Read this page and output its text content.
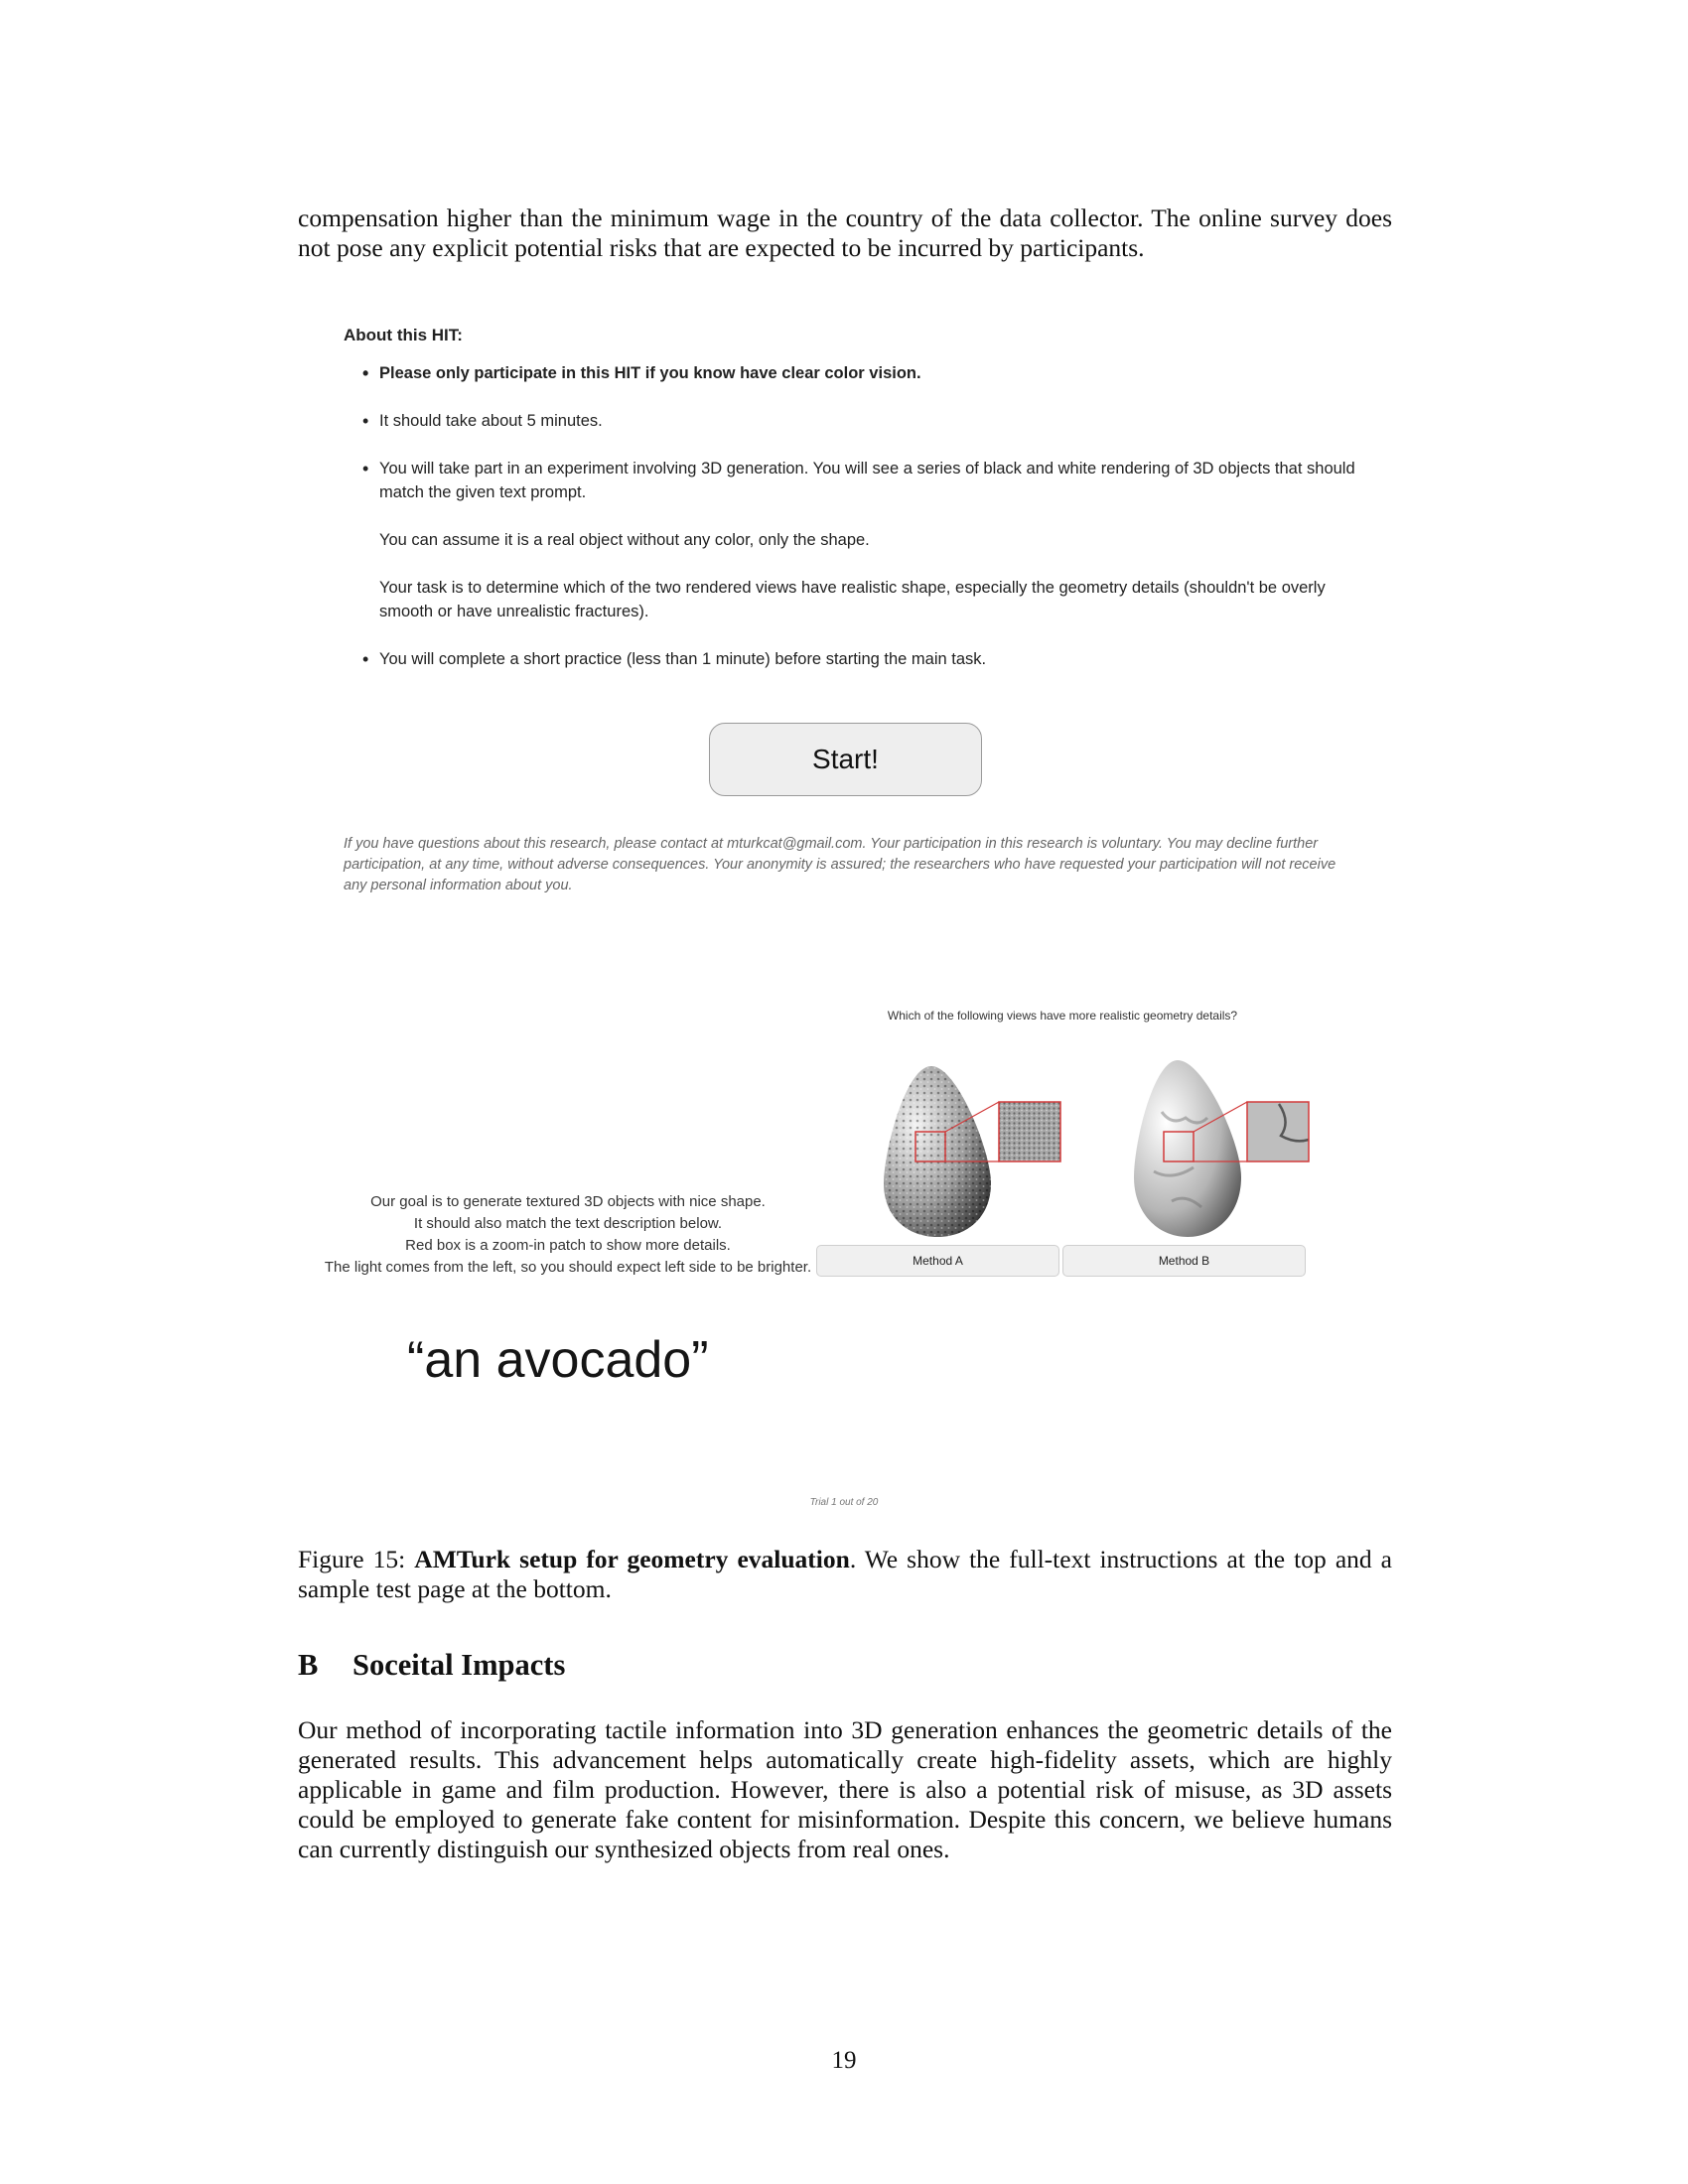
compensation higher than the minimum wage in the country of the data collector. The online survey does not pose any explicit potential risks that are expected to be incurred by participants.
About this HIT:
• Please only participate in this HIT if you know have clear color vision.
• It should take about 5 minutes.
• You will take part in an experiment involving 3D generation. You will see a series of black and white rendering of 3D objects that should match the given text prompt.

You can assume it is a real object without any color, only the shape.

Your task is to determine which of the two rendered views have realistic shape, especially the geometry details (shouldn't be overly smooth or have unrealistic fractures).

• You will complete a short practice (less than 1 minute) before starting the main task.
Start!
If you have questions about this research, please contact at mturkcat@gmail.com. Your participation in this research is voluntary. You may decline further participation, at any time, without adverse consequences. Your anonymity is assured; the researchers who have requested your participation will not receive any personal information about you.
Which of the following views have more realistic geometry details?
Our goal is to generate textured 3D objects with nice shape.
It should also match the text description below.
Red box is a zoom-in patch to show more details.
The light comes from the left, so you should expect left side to be brighter.	Method A	Method B
“an avocado”
Trial 1 out of 20
Figure 15: AMTurk setup for geometry evaluation. We show the full-text instructions at the top and a sample test page at the bottom.
B Soceital Impacts
Our method of incorporating tactile information into 3D generation enhances the geometric details of the generated results. This advancement helps automatically create high-fidelity assets, which are highly applicable in game and film production. However, there is also a potential risk of misuse, as 3D assets could be employed to generate fake content for misinformation. Despite this concern, we believe humans can currently distinguish our synthesized objects from real ones.
19
